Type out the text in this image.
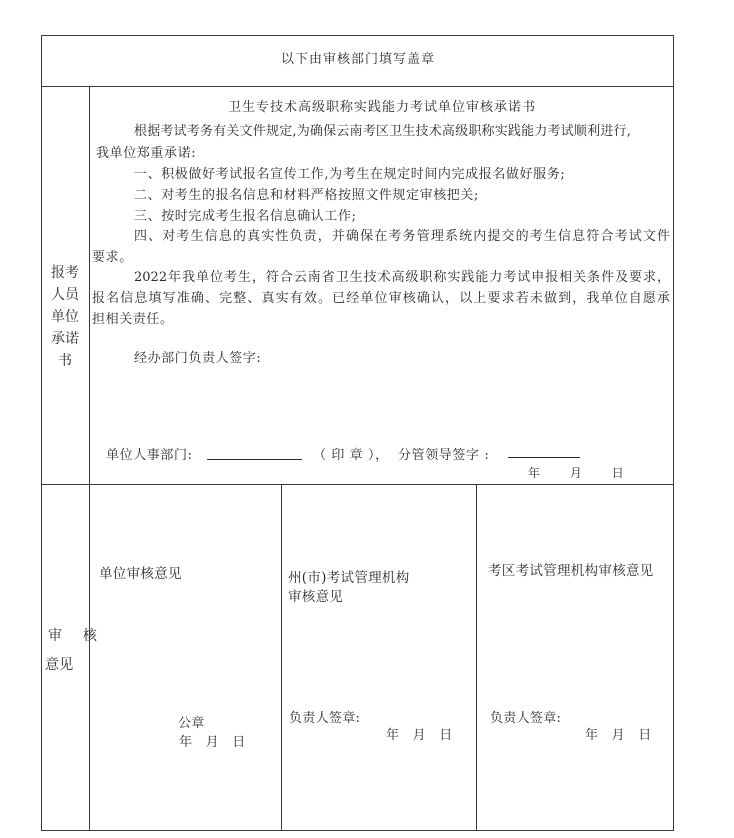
以下由审核部门填写盖章
报考人员单位承诺书
卫生专技术高级职称实践能力考试单位审核承诺书
根据考试考务有关文件规定,为确保云南考区卫生技术高级职称实践能力考试顺利进行,
我单位郑重承诺:
一、积极做好考试报名宣传工作,为考生在规定时间内完成报名做好服务;
二、对考生的报名信息和材料严格按照文件规定审核把关;
三、按时完成考生报名信息确认工作;
四、对考生信息的真实性负责，并确保在考务管理系统内提交的考生信息符合考试文件
要求。
2022年我单位考生，符合云南省卫生技术高级职称实践能力考试申报相关条件及要求，
报名信息填写准确、完整、真实有效。已经单位审核确认，以上要求若未做到，我单位自愿承
担相关责任。
经办部门负责人签字:
单位人事部门:	（ 印 章 ）， 分管领导签字 :
年      月      日
审  核
意见
单位审核意见
公章
年   月   日
州(市)考试管理机构
审核意见
负责人签章:
年   月   日
考区考试管理机构审核意见
负责人签章:
年   月   日
